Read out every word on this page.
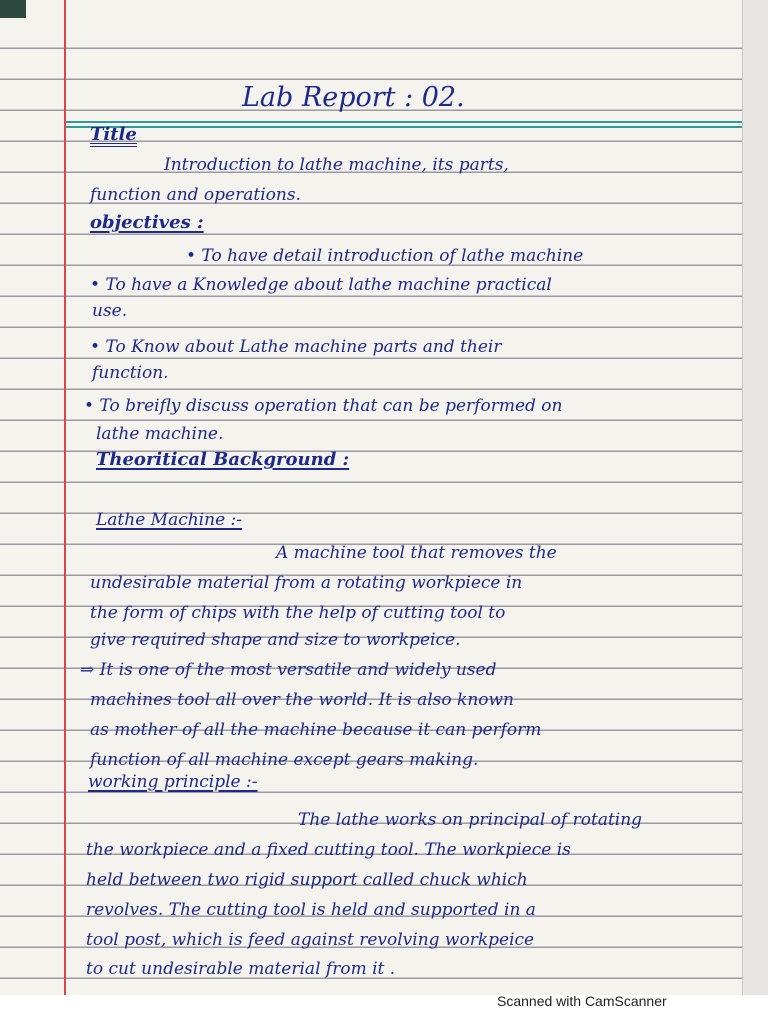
Lab Report : 02.
Title
Introduction to lathe machine, its parts,
function and operations.
objectives :
• To have detail introduction of lathe machine
• To have a Knowledge about lathe machine practical
use.
• To Know about Lathe machine parts and their
function.
• To breifly discuss operation that can be performed on
lathe machine.
Theoritical Background :
Lathe Machine :-
A machine tool that removes the
undesirable material from a rotating workpiece in
the form of chips with the help of cutting tool to
give required shape and size to workpeice.
⇒ It is one of the most versatile and widely used
machines tool all over the world. It is also known
as mother of all the machine because it can perform
function of all machine except gears making.
working principle :-
The lathe works on principal of rotating
the workpiece and a fixed cutting tool. The workpiece is
held between two rigid support called chuck which
revolves. The cutting tool is held and supported in a
tool post, which is feed against revolving workpeice
to cut undesirable material from it .
Scanned with CamScanner
